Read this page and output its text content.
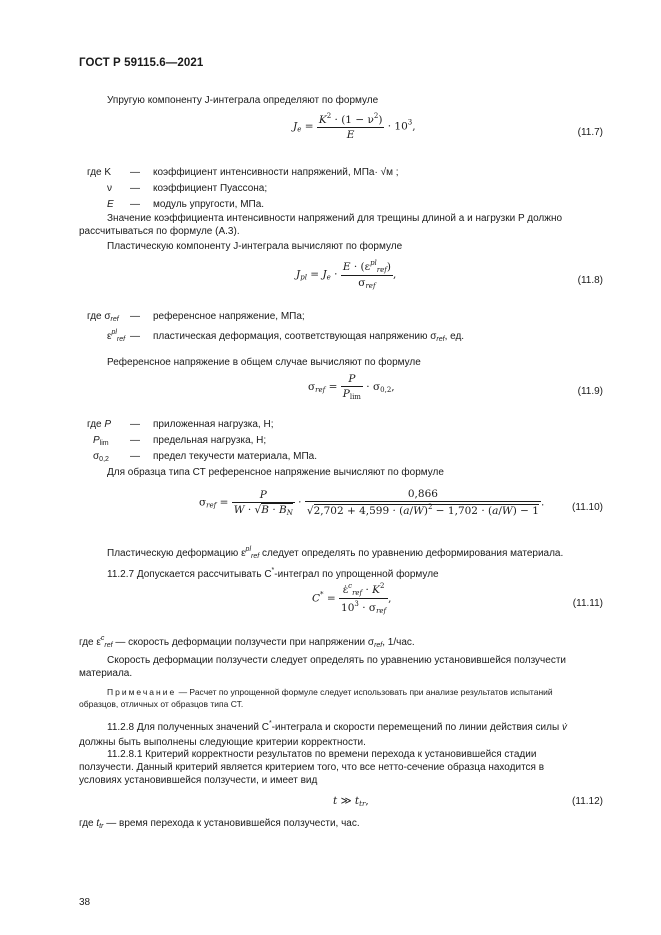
ГОСТ Р 59115.6—2021
Упругую компоненту J-интеграла определяют по формуле
$J_e = \frac{K^2 \cdot (1 - \nu^2)}{E} \cdot 10^3$,	(11.7)
где K — коэффициент интенсивности напряжений, МПа· √м ;
ν — коэффициент Пуассона;
E — модуль упругости, МПа.
Значение коэффициента интенсивности напряжений для трещины длиной a и нагрузки P должно рассчитываться по формуле (А.3).
Пластическую компоненту J-интеграла вычисляют по формуле
$J_{pl} = J_e \cdot \frac{E \cdot (\varepsilon^{pl}_{ref})}{\sigma_{ref}}$ ,	(11.8)
где $\sigma_{ref}$ — референсное напряжение, МПа;
$\varepsilon^{pl}_{ref}$ — пластическая деформация, соответствующая напряжению $\sigma_{ref}$, ед.
Референсное напряжение в общем случае вычисляют по формуле
$\sigma_{ref} = \frac{P}{P_{lim}} \cdot \sigma_{0,2}$,	(11.9)
где P — приложенная нагрузка, Н;
$P_{lim}$ — предельная нагрузка, Н;
$\sigma_{0,2}$ — предел текучести материала, МПа.
Для образца типа СТ референсное напряжение вычисляют по формуле
$\sigma_{ref} = \frac{P}{W \cdot √B \cdot B_N} \cdot \frac{0,866}{√2,702 + 4,599 \cdot (a/W)^2 - 1,702 \cdot (a/W) - 1}$ .	(11.10)
Пластическую деформацию $\varepsilon^{pl}_{ref}$ следует определять по уравнению деформирования материала.
11.2.7 Допускается рассчитывать C*-интеграл по упрощенной формуле
$C^* = \frac{\varepsiloṅ^c_{ref} \cdot K^2}{10^3 \cdot \sigma_{ref}}$ ,	(11.11)
где ε̇$^c_{ref}$ — скорость деформации ползучести при напряжении $\sigma_{ref}$, 1/час.
Скорость деформации ползучести следует определять по уравнению установившейся ползучести материала.
Примечание — Расчет по упрощенной формуле следует использовать при анализе результатов испытаний образцов, отличных от образцов типа СТ.
11.2.8 Для полученных значений C*-интеграла и скорости перемещений по линии действия силы v̇ должны быть выполнены следующие критерии корректности.
11.2.8.1 Критерий корректности результатов по времени перехода к установившейся стадии ползучести. Данный критерий является критерием того, что все нетто-сечение образца находится в условиях установившейся ползучести, и имеет вид
t ≫ $t_{tr}$,	(11.12)
где $t_{tr}$ — время перехода к установившейся ползучести, час.
38
